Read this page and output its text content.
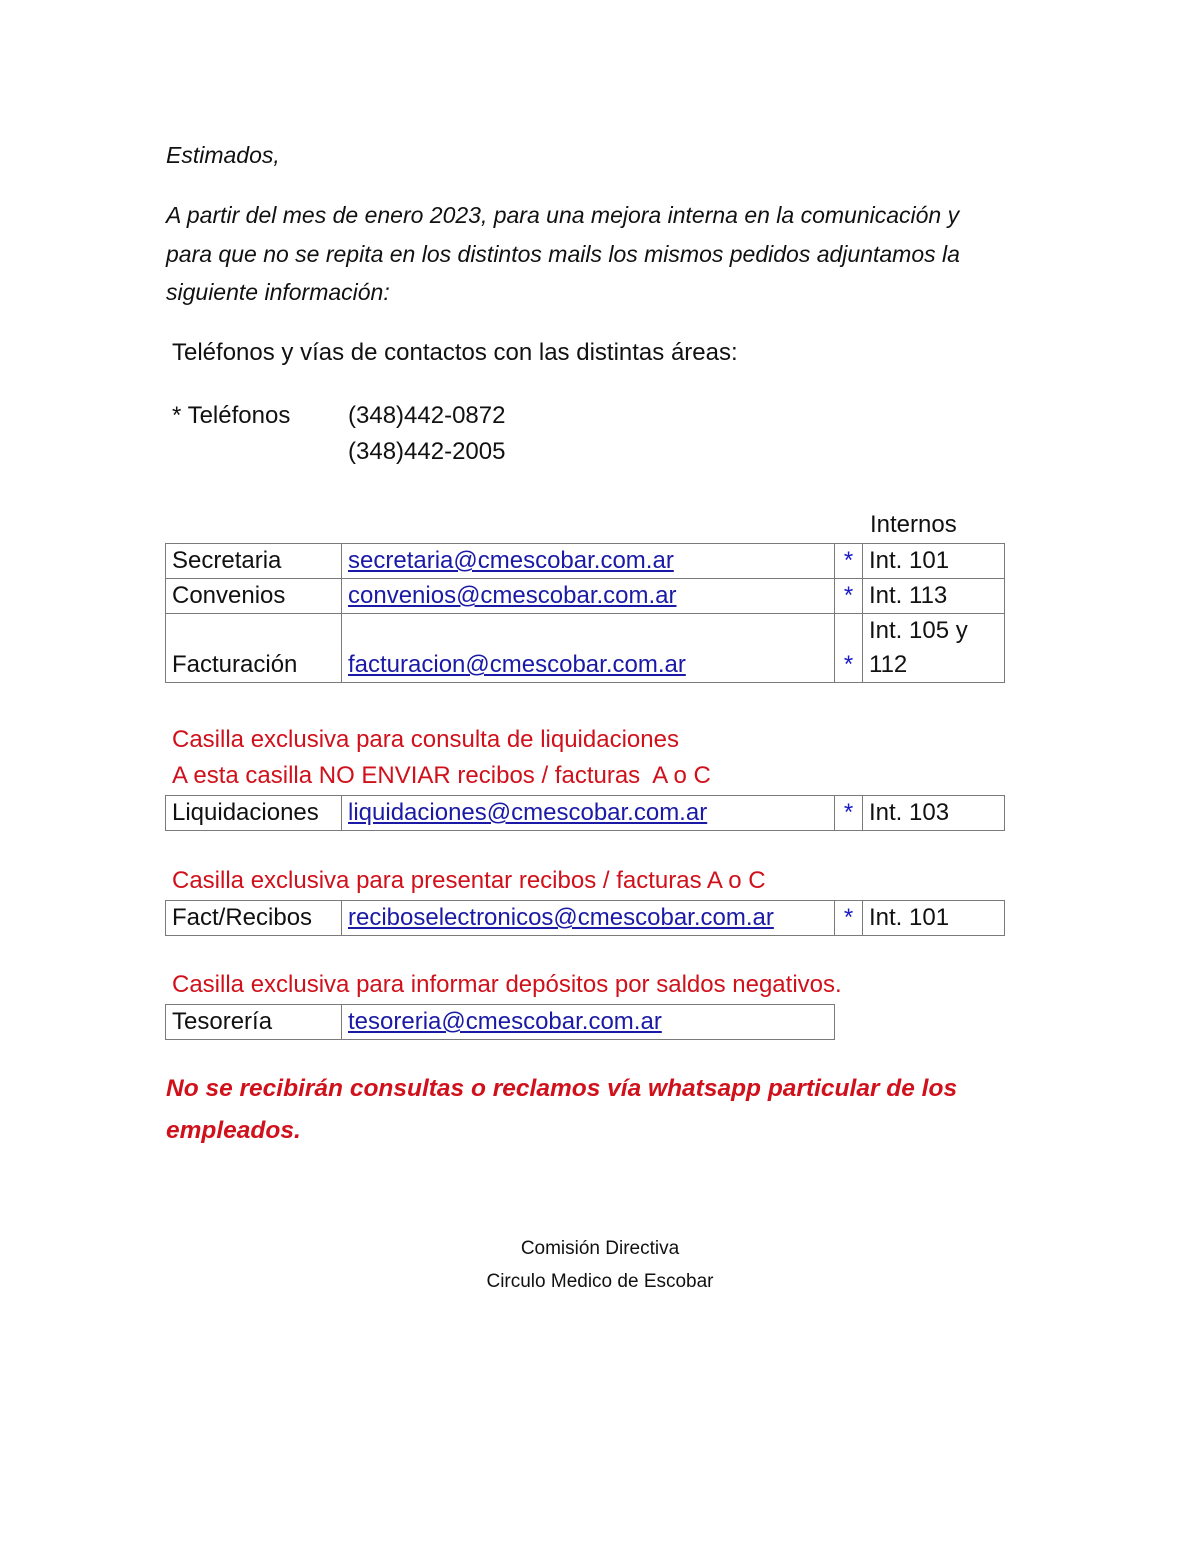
Estimados,
A partir del mes de enero 2023, para una mejora interna en la comunicación y
para que no se repita en los distintos mails los mismos pedidos adjuntamos la
siguiente información:
Teléfonos y vías de contactos con las distintas áreas:
* Teléfonos (348)442-0872
(348)442-2005
Internos
Secretaria	secretaria@cmescobar.com.ar	*	Int. 101
Convenios	convenios@cmescobar.com.ar	*	Int. 113
Facturación	facturacion@cmescobar.com.ar	*	Int. 105 y
112
Casilla exclusiva para consulta de liquidaciones
A esta casilla NO ENVIAR recibos / facturas  A o C
Liquidaciones	liquidaciones@cmescobar.com.ar	*	Int. 103
Casilla exclusiva para presentar recibos / facturas A o C
Fact/Recibos	reciboselectronicos@cmescobar.com.ar	*	Int. 101
Casilla exclusiva para informar depósitos por saldos negativos.
Tesorería	tesoreria@cmescobar.com.ar
No se recibirán consultas o reclamos vía whatsapp particular de los
empleados.
Comisión Directiva
Circulo Medico de Escobar
